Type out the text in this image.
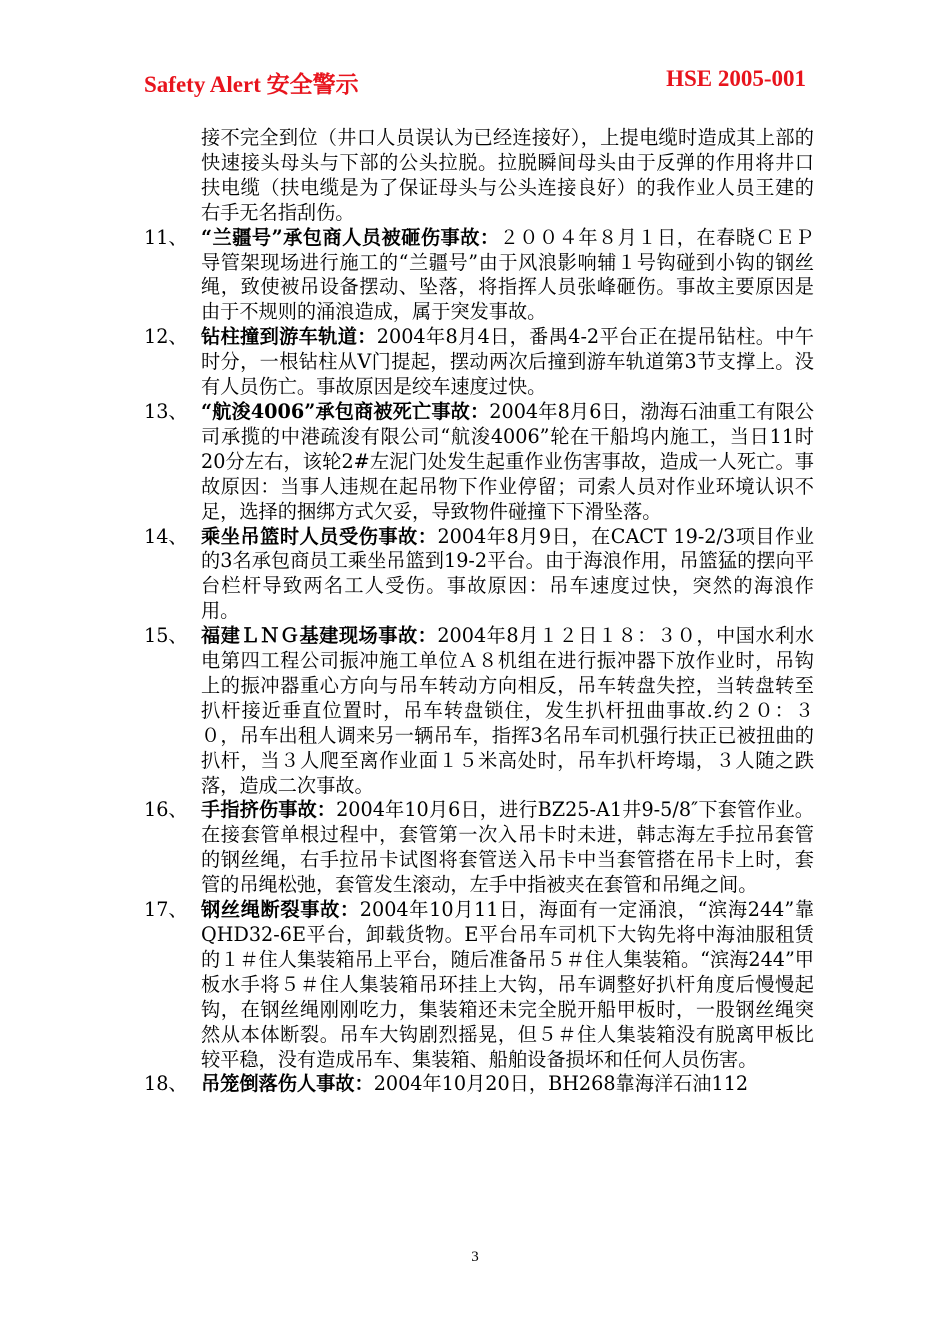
Safety Alert 安全警示	HSE 2005-001
接不完全到位（井口人员误认为已经连接好），上提电缆时造成其上部的快速接头母头与下部的公头拉脱。拉脱瞬间母头由于反弹的作用将井口扶电缆（扶电缆是为了保证母头与公头连接良好）的我作业人员王建的右手无名指刮伤。
11、 “兰疆号”承包商人员被砸伤事故：２００４年８月１日，在春晓ＣＥＰ导管架现场进行施工的“兰疆号”由于风浪影响辅１号钩碰到小钩的钢丝绳，致使被吊设备摆动、坠落，将指挥人员张峰砸伤。事故主要原因是由于不规则的涌浪造成，属于突发事故。
12、 钻柱撞到游车轨道：2004年8月4日，番禺4-2平台正在提吊钻柱。中午时分，一根钻柱从V门提起，摆动两次后撞到游车轨道第3节支撑上。没有人员伤亡。事故原因是绞车速度过快。
13、 “航浚4006”承包商被死亡事故：2004年8月6日，渤海石油重工有限公司承揽的中港疏浚有限公司“航浚4006”轮在干船坞内施工，当日11时20分左右，该轮2#左泥门处发生起重作业伤害事故，造成一人死亡。事故原因：当事人违规在起吊物下作业停留；司索人员对作业环境认识不足，选择的捆绑方式欠妥，导致物件碰撞下下滑坠落。
14、 乘坐吊篮时人员受伤事故：2004年8月9日，在CACT 19-2/3项目作业的3名承包商员工乘坐吊篮到19-2平台。由于海浪作用，吊篮猛的摆向平台栏杆导致两名工人受伤。事故原因：吊车速度过快，突然的海浪作用。
15、 福建ＬＮＧ基建现场事故：2004年8月１２日１８：３０，中国水利水电第四工程公司振冲施工单位Ａ８机组在进行振冲器下放作业时，吊钩上的振冲器重心方向与吊车转动方向相反，吊车转盘失控，当转盘转至扒杆接近垂直位置时，吊车转盘锁住，发生扒杆扭曲事故.约２０：３０，吊车出租人调来另一辆吊车，指挥3名吊车司机强行扶正已被扭曲的扒杆，当３人爬至离作业面１５米高处时，吊车扒杆垮塌，３人随之跌落，造成二次事故。
16、 手指挤伤事故：2004年10月6日，进行BZ25-A1井9-5/8″下套管作业。在接套管单根过程中，套管第一次入吊卡时未进，韩志海左手拉吊套管的钢丝绳，右手拉吊卡试图将套管送入吊卡中当套管搭在吊卡上时，套管的吊绳松弛，套管发生滚动，左手中指被夹在套管和吊绳之间。
17、 钢丝绳断裂事故：2004年10月11日，海面有一定涌浪，“滨海244”靠QHD32-6E平台，卸载货物。E平台吊车司机下大钩先将中海油服租赁的１＃住人集装箱吊上平台，随后准备吊５＃住人集装箱。“滨海244”甲板水手将５＃住人集装箱吊环挂上大钩，吊车调整好扒杆角度后慢慢起钩，在钢丝绳刚刚吃力，集装箱还未完全脱开船甲板时，一股钢丝绳突然从本体断裂。吊车大钩剧烈摇晃，但５＃住人集装箱没有脱离甲板比较平稳，没有造成吊车、集装箱、船舶设备损坏和任何人员伤害。
18、 吊笼倒落伤人事故：2004年10月20日，BH268靠海洋石油112
3
